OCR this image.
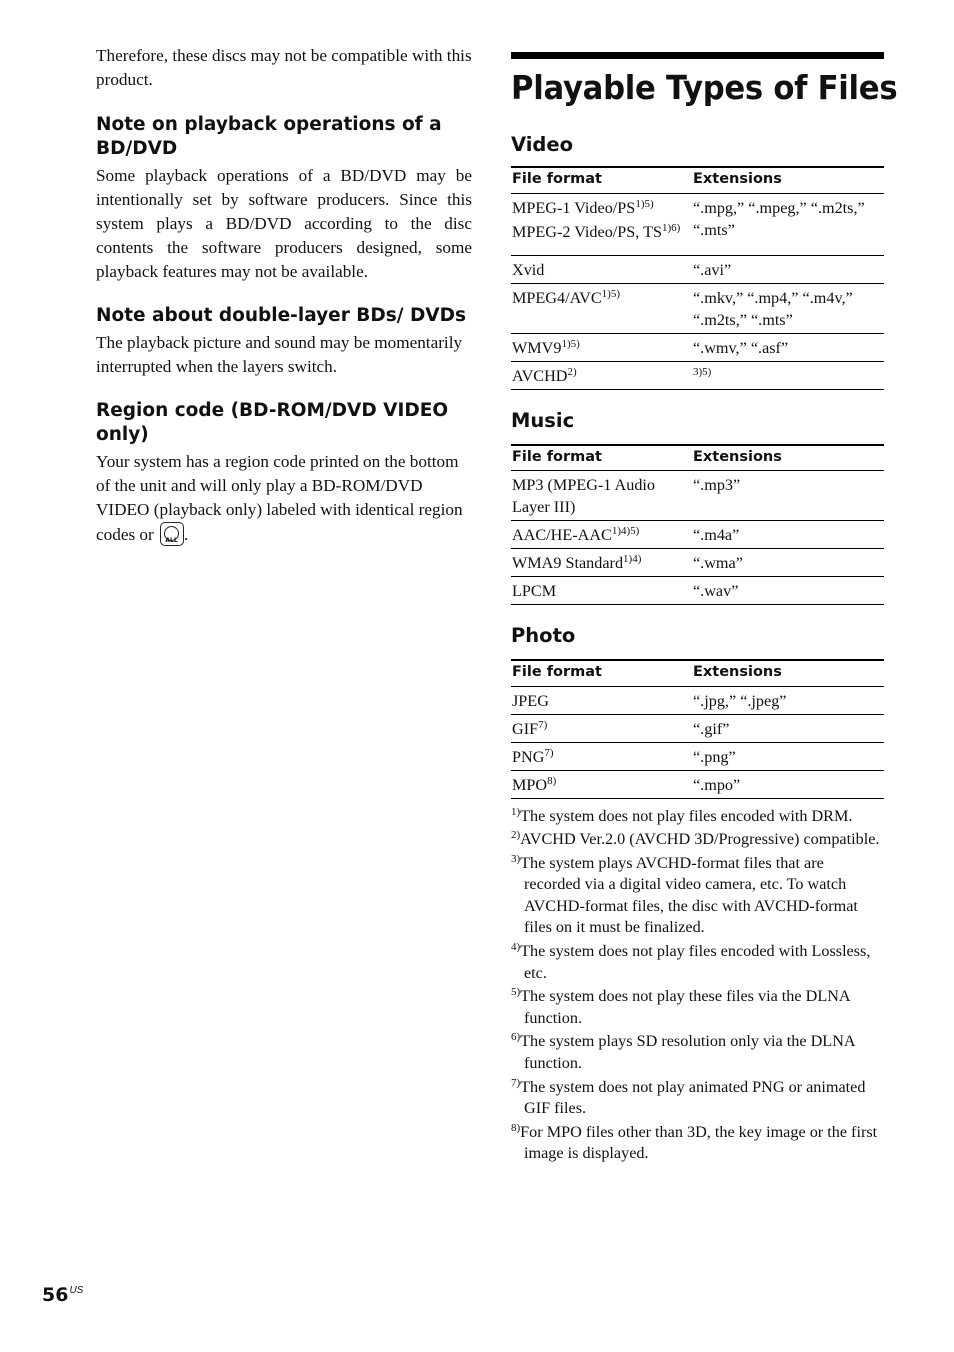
Therefore, these discs may not be compatible with this product.

Note on playback operations of a BD/DVD

Some playback operations of a BD/DVD may be intentionally set by software producers. Since this system plays a BD/DVD according to the disc contents the software producers designed, some playback features may not be available.

Note about double-layer BDs/ DVDs

The playback picture and sound may be momentarily interrupted when the layers switch.

Region code (BD-ROM/DVD VIDEO only)

Your system has a region code printed on the bottom of the unit and will only play a BD-ROM/DVD VIDEO (playback only) labeled with identical region codes or	ALL .

Playable Types of Files
Video
File format	Extensions

MPEG-1 Video/$PS^{1)5)}$
MPEG-2 Video/PS, $TS^{1)6)}$	“.mpg,” “.mpeg,” “.m2ts,” “.mts”

Xvid	“.avi”

$MPEG4/AVC^{1)5)}$	“.mkv,” “.mp4,” “.m4v,” “.m2ts,” “.mts”

$WMV9^{1)5)}$	“.wmv,” “.asf”

AVCHD$^{2)}$	$^{3)5)}$
Music
File format	Extensions
MP3 (MPEG-1 Audio Layer III)	“.mp3”
AAC/$HE-AAC^{1)4)5)}$	“.m4a”
WMA9 Standard$^{1)4)}$	“.wma”
LPCM	“.wav”
Photo
File format	Extensions
JPEG	“.jpg,” “.jpeg”
GIF$^{7)}$	“.gif”
PNG$^{7)}$	“.png”
MPO$^{8)}$	“.mpo”

$^{1)}$The system does not play files encoded with DRM.

$^{2)}$AVCHD Ver.2.0 (AVCHD 3D/Progressive) compatible.

$^{3)}$The system plays AVCHD-format files that are recorded via a digital video camera, etc. To watch AVCHD-format files, the disc with AVCHD-format files on it must be finalized.

$^{4)}$The system does not play files encoded with Lossless, etc.

$^{5)}$The system does not play these files via the DLNA function.

$^{6)}$The system plays SD resolution only via the DLNA function.

$^{7)}$The system does not play animated PNG or animated GIF files.

$^{8)}$For MPO files other than 3D, the key image or the first image is displayed.

$56^{US}$
